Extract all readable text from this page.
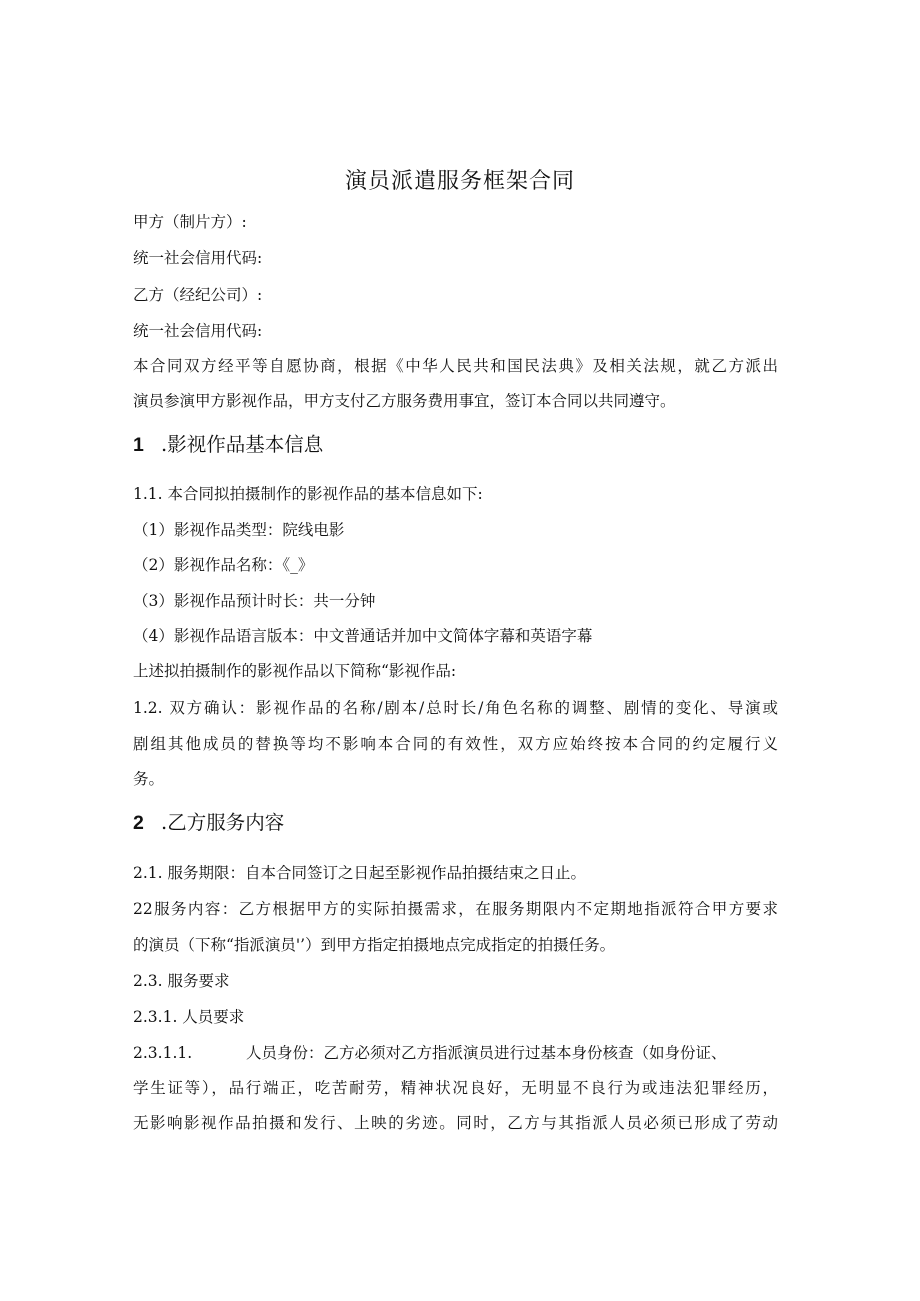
演员派遣服务框架合同
甲方（制片方）:
统一社会信用代码:
乙方（经纪公司）:
统一社会信用代码:
本合同双方经平等自愿协商，根据《中华人民共和国民法典》及相关法规，就乙方派出
演员参演甲方影视作品，甲方支付乙方服务费用事宜，签订本合同以共同遵守。
1 .影视作品基本信息
1.1. 本合同拟拍摄制作的影视作品的基本信息如下:
（1）影视作品类型：院线电影
（2）影视作品名称：《_》
（3）影视作品预计时长：共一分钟
（4）影视作品语言版本：中文普通话并加中文简体字幕和英语字幕
上述拟拍摄制作的影视作品以下简称“影视作品:
1.2. 双方确认：影视作品的名称/剧本/总时长/角色名称的调整、剧情的变化、导演或
剧组其他成员的替换等均不影响本合同的有效性，双方应始终按本合同的约定履行义
务。
2 .乙方服务内容
2.1. 服务期限：自本合同签订之日起至影视作品拍摄结束之日止。
22服务内容：乙方根据甲方的实际拍摄需求，在服务期限内不定期地指派符合甲方要求
的演员（下称“指派演员'’）到甲方指定拍摄地点完成指定的拍摄任务。
2.3. 服务要求
2.3.1. 人员要求
2.3.1.1.	人员身份：乙方必须对乙方指派演员进行过基本身份核查（如身份证、
学生证等），品行端正，吃苦耐劳，精神状况良好，无明显不良行为或违法犯罪经历，
无影响影视作品拍摄和发行、上映的劣迹。同时，乙方与其指派人员必须已形成了劳动
